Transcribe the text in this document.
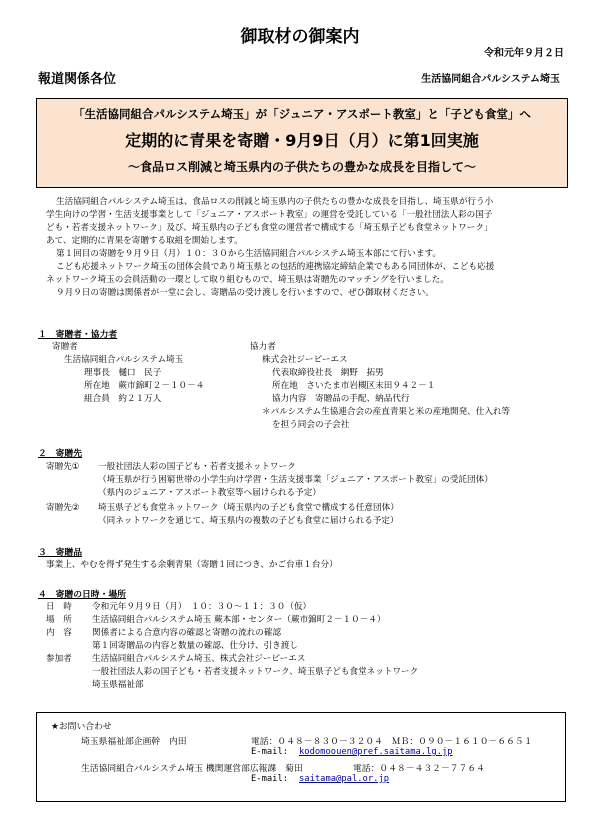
御取材の御案内
令和元年９月２日
報道関係各位	生活協同組合パルシステム埼玉
「生活協同組合パルシステム埼玉」が「ジュニア・アスポート教室」と「子ども食堂」へ
定期的に青果を寄贈・9月9日（月）に第1回実施
～食品ロス削減と埼玉県内の子供たちの豊かな成長を目指して～

生活協同組合パルシステム埼玉は、食品ロスの削減と埼玉県内の子供たちの豊かな成長を目指し、埼玉県が行う小

学生向けの学習・生活支援事業として「ジュニア・アスポート教室」の運営を受託している「一般社団法人彩の国子

ども・若者支援ネットワーク」及び、埼玉県内の子ども食堂の運営者で構成する「埼玉県子ども食堂ネットワーク」

あて、定期的に青果を寄贈する取組を開始します。

第１回目の寄贈を９月９日（月）１０：３０から生活協同組合パルシステム埼玉本部にて行います。

こども応援ネットワーク埼玉の団体会員であり埼玉県との包括的連携協定締結企業でもある同団体が、こども応援

ネットワーク埼玉の会員活動の一環として取り組むもので、埼玉県は寄贈先のマッチングを行いました。

９月９日の寄贈は関係者が一堂に会し、寄贈品の受け渡しを行いますので、ぜひ御取材ください。

１　寄贈者・協力者
寄贈者
生活協同組合パルシステム埼玉
理事長　樋口　民子
所在地　蕨市錦町２－１０－４
組合員　約２１万人
協力者
株式会社ジーピーエス
代表取締役社長　網野　拓男
所在地　さいたま市岩槻区末田９４２－１
協力内容　寄贈品の手配、納品代行
＊パルシステム生協連合会の産直青果と米の産地開発、仕入れ等
を担う同会の子会社
２　寄贈先
寄贈先① 一般社団法人彩の国子ども・若者支援ネットワーク
（埼玉県が行う困窮世帯の小学生向け学習・生活支援事業「ジュニア・アスポート教室」の受託団体）
（県内のジュニア・アスポート教室等へ届けられる予定）
寄贈先② 埼玉県子ども食堂ネットワーク（埼玉県内の子ども食堂で構成する任意団体）
（同ネットワークを通じて、埼玉県内の複数の子ども食堂に届けられる予定）
３　寄贈品
事業上、やむを得ず発生する余剰青果（寄贈１回につき、かご台車１台分）
４　寄贈の日時・場所
日　時 令和元年９月９日（月）　１０：３０～１１：３０（仮）
場　所 生活協同組合パルシステム埼玉 蕨本部・センター（蕨市錦町２－１０－４）
内　容 関係者による合意内容の確認と寄贈の流れの確認
第１回寄贈品の内容と数量の確認、仕分け、引き渡し
参加者 生活協同組合パルシステム埼玉、株式会社ジーピーエス
一般社団法人彩の国子ども・若者支援ネットワーク、埼玉県子ども食堂ネットワーク
埼玉県福祉部
★お問い合わせ
埼玉県福祉部企画幹　内田	電話：０４８－８３０－３２０４　ＭＢ：０９０－１６１０－６６５１
E-mail: kodomoouen@pref.saitama.lg.jp
生活協同組合パルシステム埼玉 機関運営部広報課　菊田	電話：０４８－４３２－７７６４
E-mail: saitama@pal.or.jp
